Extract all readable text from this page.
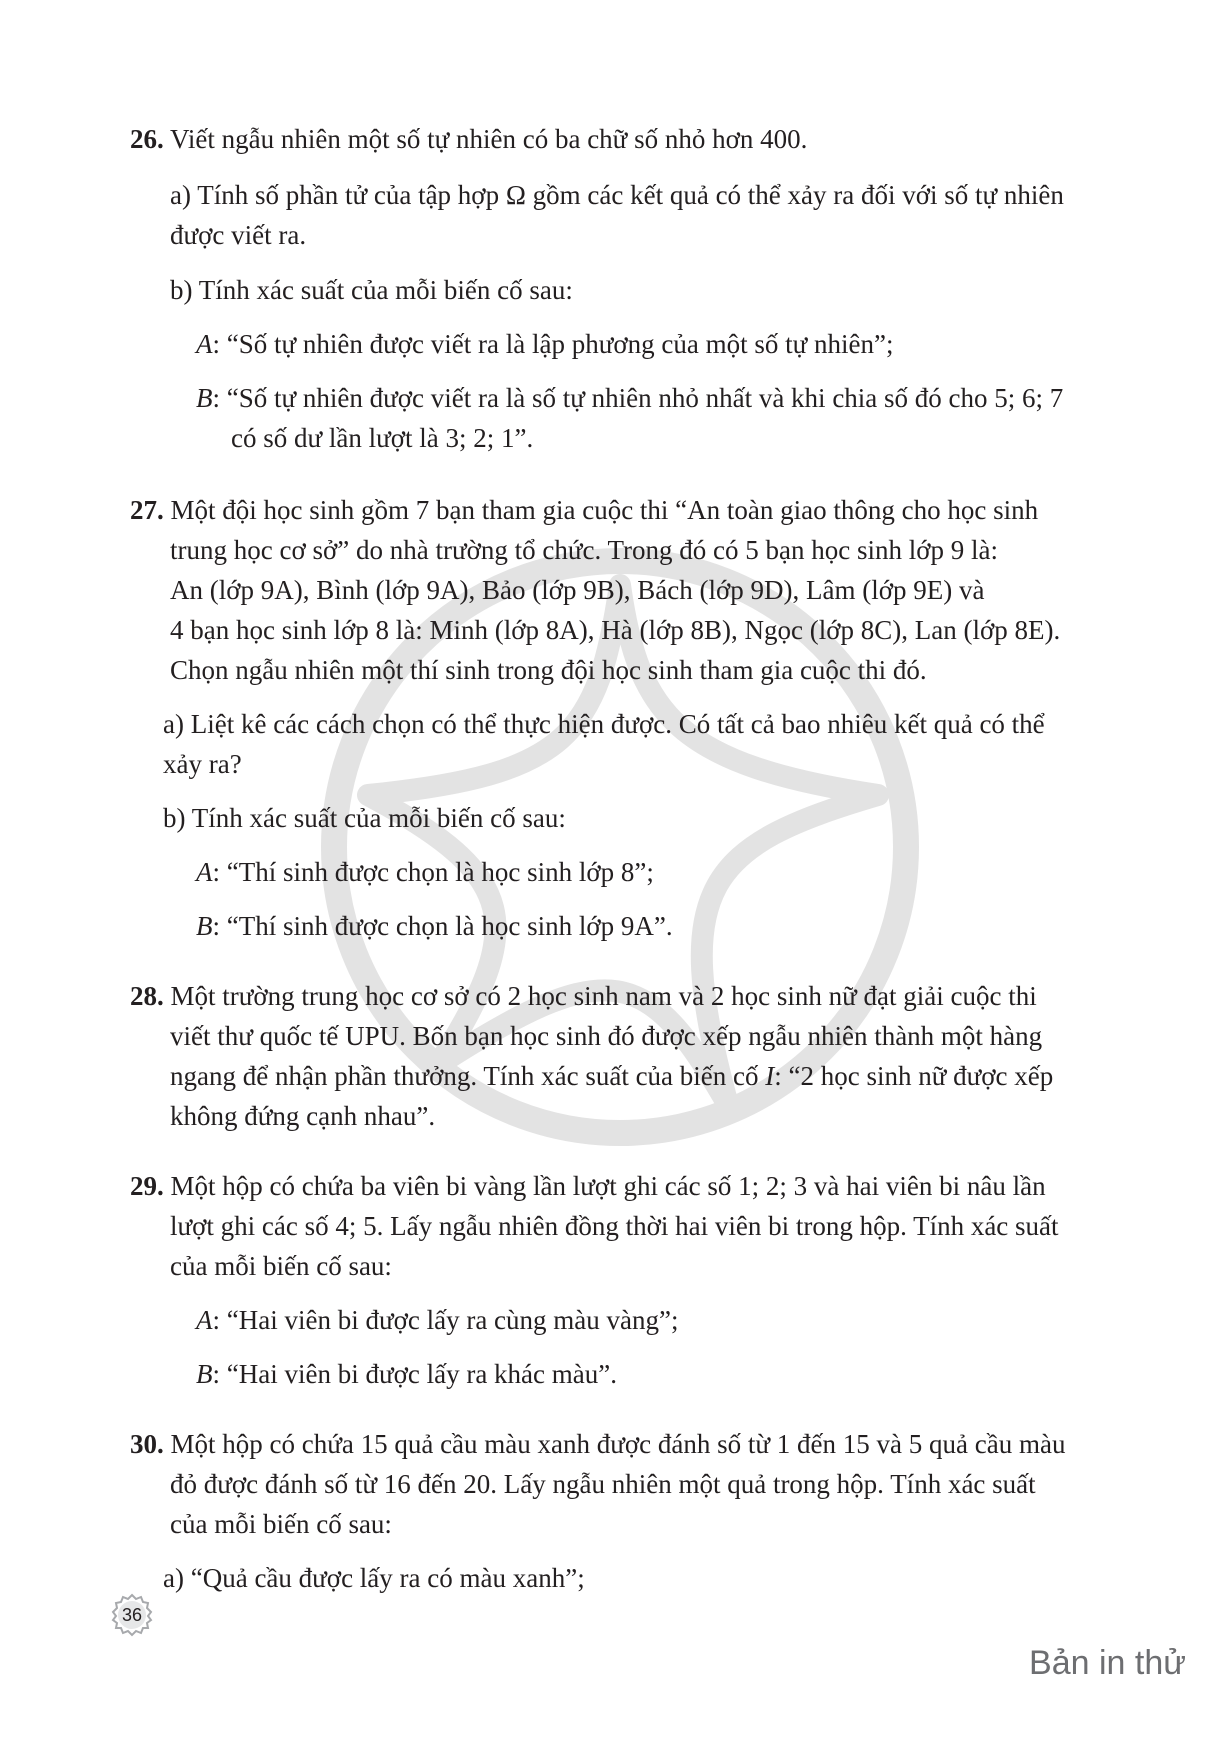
26. Viết ngẫu nhiên một số tự nhiên có ba chữ số nhỏ hơn 400.
a) Tính số phần tử của tập hợp Ω gồm các kết quả có thể xảy ra đối với số tự nhiên
được viết ra.
b) Tính xác suất của mỗi biến cố sau:
A: “Số tự nhiên được viết ra là lập phương của một số tự nhiên”;
B: “Số tự nhiên được viết ra là số tự nhiên nhỏ nhất và khi chia số đó cho 5; 6; 7
có số dư lần lượt là 3; 2; 1”.
27. Một đội học sinh gồm 7 bạn tham gia cuộc thi “An toàn giao thông cho học sinh
trung học cơ sở” do nhà trường tổ chức. Trong đó có 5 bạn học sinh lớp 9 là:
An (lớp 9A), Bình (lớp 9A), Bảo (lớp 9B), Bách (lớp 9D), Lâm (lớp 9E) và
4 bạn học sinh lớp 8 là: Minh (lớp 8A), Hà (lớp 8B), Ngọc (lớp 8C), Lan (lớp 8E).
Chọn ngẫu nhiên một thí sinh trong đội học sinh tham gia cuộc thi đó.
a) Liệt kê các cách chọn có thể thực hiện được. Có tất cả bao nhiêu kết quả có thể
xảy ra?
b) Tính xác suất của mỗi biến cố sau:
A: “Thí sinh được chọn là học sinh lớp 8”;
B: “Thí sinh được chọn là học sinh lớp 9A”.
28. Một trường trung học cơ sở có 2 học sinh nam và 2 học sinh nữ đạt giải cuộc thi
viết thư quốc tế UPU. Bốn bạn học sinh đó được xếp ngẫu nhiên thành một hàng
ngang để nhận phần thưởng. Tính xác suất của biến cố I: “2 học sinh nữ được xếp
không đứng cạnh nhau”.
29. Một hộp có chứa ba viên bi vàng lần lượt ghi các số 1; 2; 3 và hai viên bi nâu lần
lượt ghi các số 4; 5. Lấy ngẫu nhiên đồng thời hai viên bi trong hộp. Tính xác suất
của mỗi biến cố sau:
A: “Hai viên bi được lấy ra cùng màu vàng”;
B: “Hai viên bi được lấy ra khác màu”.
30. Một hộp có chứa 15 quả cầu màu xanh được đánh số từ 1 đến 15 và 5 quả cầu màu
đỏ được đánh số từ 16 đến 20. Lấy ngẫu nhiên một quả trong hộp. Tính xác suất
của mỗi biến cố sau:
a) “Quả cầu được lấy ra có màu xanh”;
36
Bản in thử
